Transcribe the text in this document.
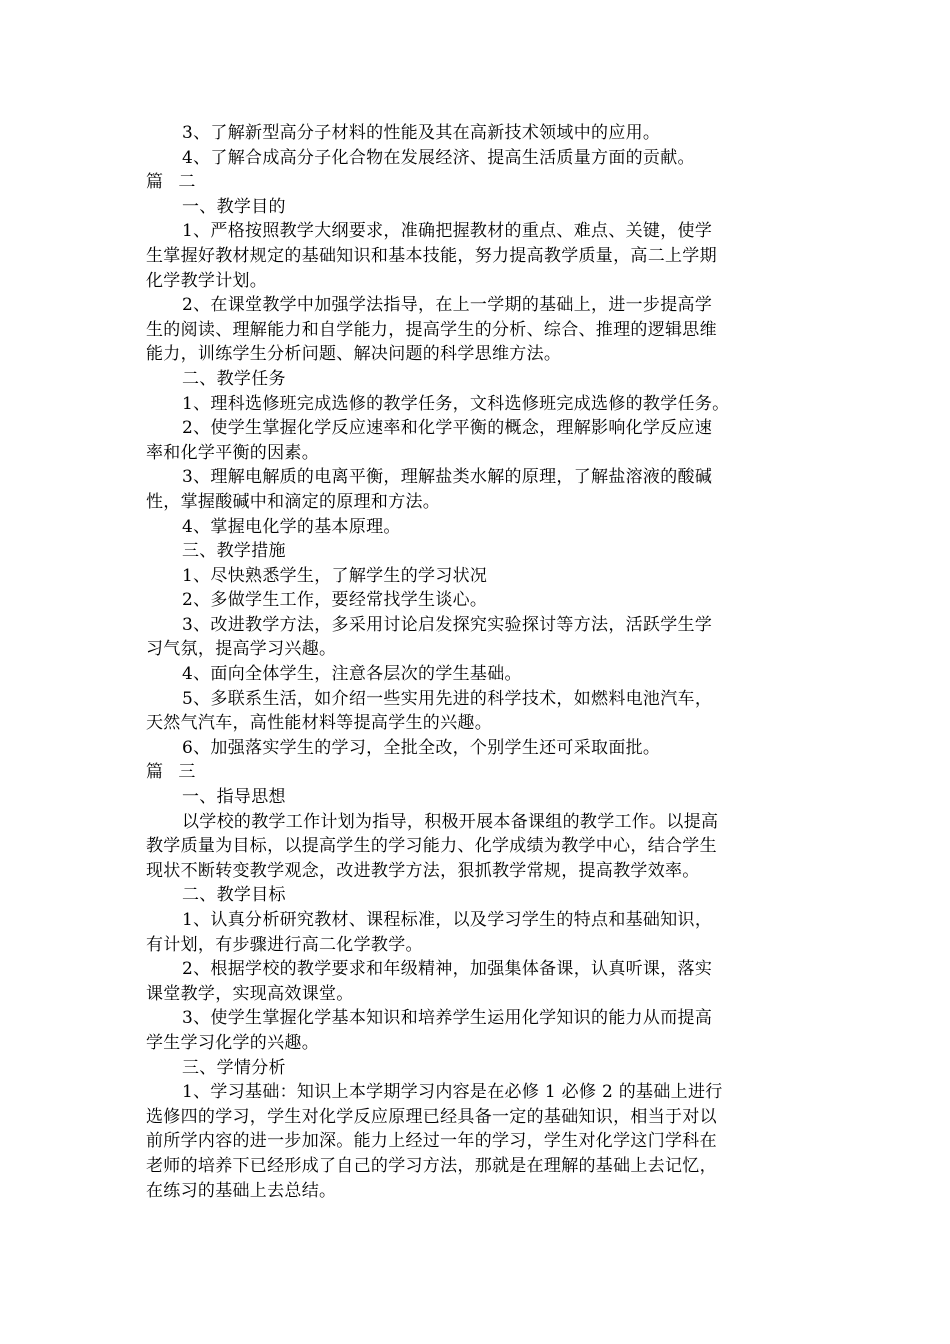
3、了解新型高分子材料的性能及其在高新技术领域中的应用。

4、了解合成高分子化合物在发展经济、提高生活质量方面的贡献。

篇 二

一、教学目的

1、严格按照教学大纲要求，准确把握教材的重点、难点、关键，使学

生掌握好教材规定的基础知识和基本技能，努力提高教学质量，高二上学期

化学教学计划。

2、在课堂教学中加强学法指导，在上一学期的基础上，进一步提高学

生的阅读、理解能力和自学能力，提高学生的分析、综合、推理的逻辑思维

能力，训练学生分析问题、解决问题的科学思维方法。

二、教学任务

1、理科选修班完成选修的教学任务，文科选修班完成选修的教学任务。

2、使学生掌握化学反应速率和化学平衡的概念，理解影响化学反应速

率和化学平衡的因素。

3、理解电解质的电离平衡，理解盐类水解的原理，了解盐溶液的酸碱

性，掌握酸碱中和滴定的原理和方法。

4、掌握电化学的基本原理。

三、教学措施

1、尽快熟悉学生，了解学生的学习状况

2、多做学生工作，要经常找学生谈心。

3、改进教学方法，多采用讨论启发探究实验探讨等方法，活跃学生学

习气氛，提高学习兴趣。

4、面向全体学生，注意各层次的学生基础。

5、多联系生活，如介绍一些实用先进的科学技术，如燃料电池汽车，

天然气汽车，高性能材料等提高学生的兴趣。

6、加强落实学生的学习，全批全改，个别学生还可采取面批。

篇 三

一、指导思想

以学校的教学工作计划为指导，积极开展本备课组的教学工作。以提高

教学质量为目标，以提高学生的学习能力、化学成绩为教学中心，结合学生

现状不断转变教学观念，改进教学方法，狠抓教学常规，提高教学效率。

二、教学目标

1、认真分析研究教材、课程标准，以及学习学生的特点和基础知识，

有计划，有步骤进行高二化学教学。

2、根据学校的教学要求和年级精神，加强集体备课，认真听课，落实

课堂教学，实现高效课堂。

3、使学生掌握化学基本知识和培养学生运用化学知识的能力从而提高

学生学习化学的兴趣。

三、学情分析

1、学习基础：知识上本学期学习内容是在必修 1 必修 2 的基础上进行

选修四的学习，学生对化学反应原理已经具备一定的基础知识，相当于对以

前所学内容的进一步加深。能力上经过一年的学习，学生对化学这门学科在

老师的培养下已经形成了自己的学习方法，那就是在理解的基础上去记忆，

在练习的基础上去总结。
